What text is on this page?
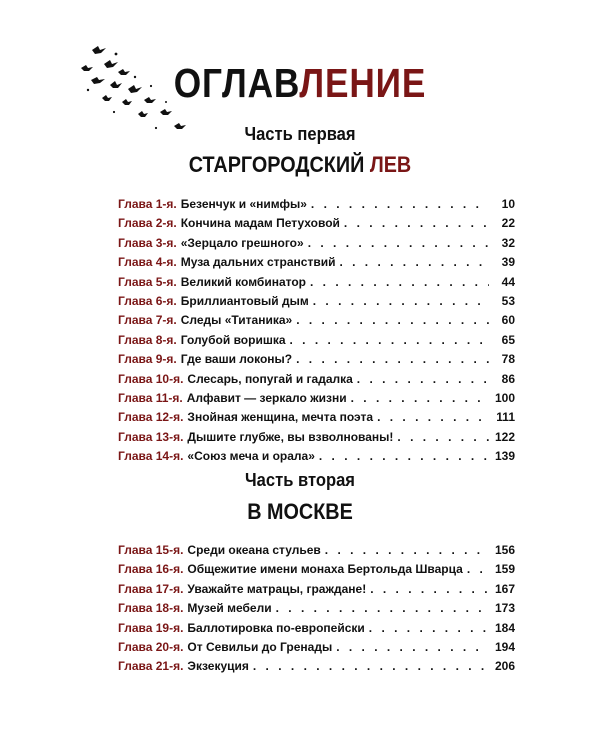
ОГЛАВЛЕНИЕ
Часть первая
СТАРГОРОДСКИЙ ЛЕВ
Глава 1-я. Безенчук и «нимфы» . . .	10
Глава 2-я. Кончина мадам Петуховой . . .	22
Глава 3-я. «Зерцало грешного» . . .	32
Глава 4-я. Муза дальних странствий . . .	39
Глава 5-я. Великий комбинатор . . .	44
Глава 6-я. Бриллиантовый дым . . .	53
Глава 7-я. Следы «Титаника» . . .	60
Глава 8-я. Голубой воришка . . .	65
Глава 9-я. Где ваши локоны? . . .	78
Глава 10-я. Слесарь, попугай и гадалка . . .	86
Глава 11-я. Алфавит — зеркало жизни . . .	100
Глава 12-я. Знойная женщина, мечта поэта . . .	111
Глава 13-я. Дышите глубже, вы взволнованы! . . .	122
Глава 14-я. «Союз меча и орала» . . .	139
Часть вторая
В МОСКВЕ
Глава 15-я. Среди океана стульев . . .	156
Глава 16-я. Общежитие имени монаха Бертольда Шварца . . .	159
Глава 17-я. Уважайте матрацы, граждане! . . .	167
Глава 18-я. Музей мебели . . .	173
Глава 19-я. Баллотировка по-европейски . . .	184
Глава 20-я. От Севильи до Гренады . . .	194
Глава 21-я. Экзекуция . . .	206
